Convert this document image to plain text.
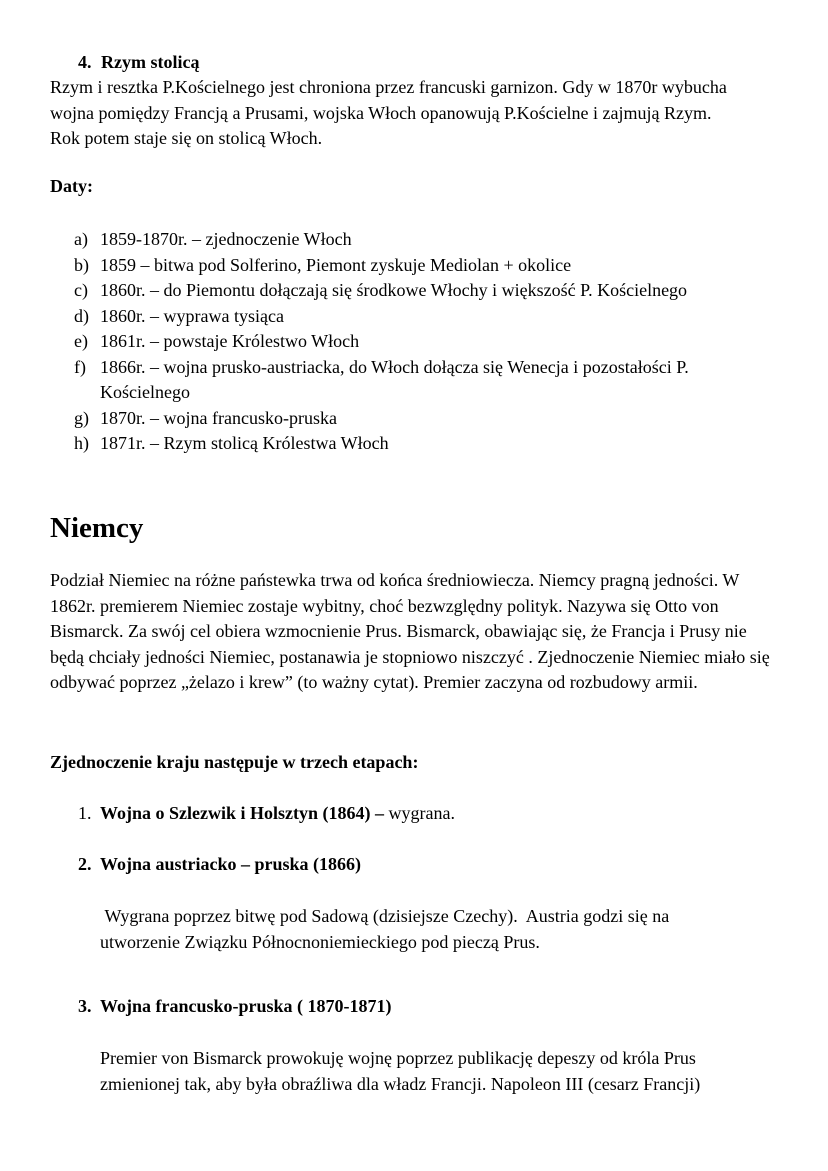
4. Rzym stolicą

Rzym i resztka P.Kościelnego jest chroniona przez francuski garnizon. Gdy w 1870r wybucha wojna pomiędzy Francją a Prusami, wojska Włoch opanowują P.Kościelne i zajmują Rzym. Rok potem staje się on stolicą Włoch.

Daty:

a) 1859-1870r. – zjednoczenie Włoch
b) 1859 – bitwa pod Solferino, Piemont zyskuje Mediolan + okolice
c) 1860r. – do Piemontu dołączają się środkowe Włochy i większość P. Kościelnego
d) 1860r. – wyprawa tysiąca
e) 1861r. – powstaje Królestwo Włoch
f) 1866r. – wojna prusko-austriacka, do Włoch dołącza się Wenecja i pozostałości P. Kościelnego
g) 1870r. – wojna francusko-pruska
h) 1871r. – Rzym stolicą Królestwa Włoch
Niemcy

Podział Niemiec na różne państewka trwa od końca średniowiecza. Niemcy pragną jedności. W 1862r. premierem Niemiec zostaje wybitny, choć bezwzględny polityk. Nazywa się Otto von Bismarck. Za swój cel obiera wzmocnienie Prus. Bismarck, obawiając się, że Francja i Prusy nie będą chciały jedności Niemiec, postanawia je stopniowo niszczyć . Zjednoczenie Niemiec miało się odbywać poprzez „żelazo i krew” (to ważny cytat). Premier zaczyna od rozbudowy armii.

Zjednoczenie kraju następuje w trzech etapach:

1. Wojna o Szlezwik i Holsztyn (1864) – wygrana.
2. Wojna austriacko – pruska (1866)

Wygrana poprzez bitwę pod Sadową (dzisiejsze Czechy).  Austria godzi się na utworzenie Związku Północnoniemieckiego pod pieczą Prus.

3. Wojna francusko-pruska ( 1870-1871)

Premier von Bismarck prowokuję wojnę poprzez publikację depeszy od króla Prus zmienionej tak, aby była obraźliwa dla władz Francji. Napoleon III (cesarz Francji)
